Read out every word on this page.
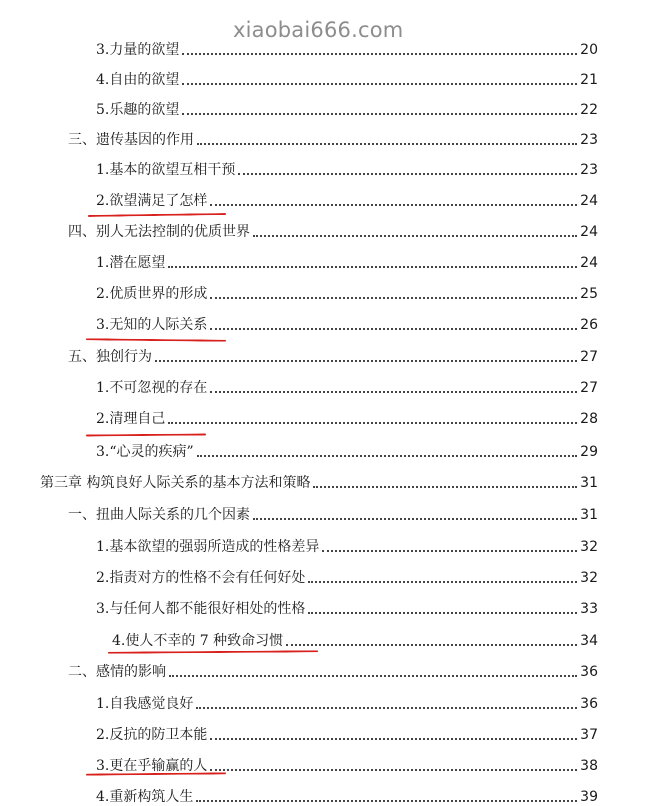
xiaobai666.com
3.力量的欲望	20
4.自由的欲望	21
5.乐趣的欲望	22
三、遗传基因的作用	23
1.基本的欲望互相干预	23
2.欲望满足了怎样	24
四、别人无法控制的优质世界	24
1.潜在愿望	24
2.优质世界的形成	25
3.无知的人际关系	26
五、独创行为	27
1.不可忽视的存在	27
2.清理自己	28
3.“心灵的疾病”	29
第三章 构筑良好人际关系的基本方法和策略	31
一、扭曲人际关系的几个因素	31
1.基本欲望的强弱所造成的性格差异	32
2.指责对方的性格不会有任何好处	32
3.与任何人都不能很好相处的性格	33
4.使人不幸的 7 种致命习惯	34
二、感情的影响	36
1.自我感觉良好	36
2.反抗的防卫本能	37
3.更在乎输赢的人	38
4.重新构筑人生	39
